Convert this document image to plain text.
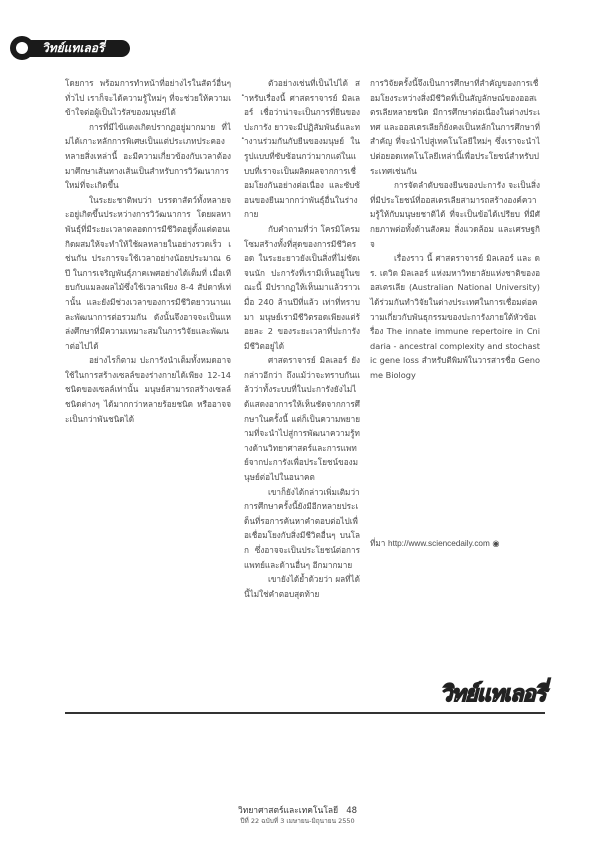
วิทย์แทเลอรี่

โดยการ พร้อมการทำหน้าที่อย่างไรในสัตว์อื่นๆ ทั่วไป เราก็จะได้ความรู้ใหม่ๆ ที่จะช่วยให้ความเข้าใจต่อผู้เป็นไวรัสของมนุษย์ได้

การที่มีไข้แดงเกิดปรากฏอยู่มากมาย ที่ไม่ได้เกาะหลักการพิเศษเป็นแต่ประเภทประคอง หลายสิ่งเหล่านี้ อะมีความเกี่ยวข้องกับเวลาต้องมาศึกษาเส้นทางเส้นเป็นสำหรับการวิวัฒนาการใหม่ที่จะเกิดขึ้น

ในระยะชาติพบว่า บรรดาสัตว์ทั้งหลายจะอยู่เกิดขึ้นประหว่างการวิวัฒนาการ โดยผลหาพันธุ์ที่มีระยะเวลาตลอดการมีชีวิตอยู่ตั้งแต่ตอนเกิดผสมให้จะทำให้ใช้ผลหลายในอย่างรวดเร็ว เช่นกัน ประการจะใช้เวลาอย่างน้อยประมาณ 6 ปี ในการเจริญพันธุ์ภาคเพศอย่างได้เต็มที่ เมื่อเทียบกับแมลงผลไม้ซึ่งใช้เวลาเพียง 8-4 สัปดาห์เท่านั้น และยังมีช่วงเวลาของการมีชีวิตยาวนานและพัฒนาการต่อรวมกัน ดังนั้นจึงอาจจะเป็นแหล่งศึกษาที่มีความเหมาะสมในการวิจัยและพัฒนาต่อไปได้

อย่างไรก็ตาม ปะการังนำเต็มทั้งหมดอาจใช้ในการสร้างเซลล์ของร่างกายได้เพียง 12-14 ชนิดของเซลล์เท่านั้น มนุษย์สามารถสร้างเซลล์ชนิดต่างๆ ได้มากกว่าหลายร้อยชนิด หรืออาจจะเป็นกว่าพันชนิดได้

ตัวอย่างเช่นที่เป็นไปได้ สำหรับเรื่องนี้ ศาสตราจารย์ มิลเลอร์ เชื่อว่าน่าจะเป็นการที่ยีนของปะการัง ยาวจะมีปฏิสัมพันธ์และทำงานร่วมกันกับยีนของมนุษย์ ในรูปแบบที่ซับซ้อนกว่ามากแต่ในแบบที่เราจะเป็นผลิตผลจากการเชื่อมโยงกันอย่างต่อเนื่อง และซับซ้อนของยีนมากกว่าพันธุ์อื่นในร่างกาย

กับคำถามที่ว่า โครมิโครมโซมสร้างทั้งที่สุดของการมีชีวิตรอด ในระยะยาวยังเป็นสิ่งที่ไม่ชัดเจนนัก ปะการังที่เรามีเห็นอยู่ในขณะนี้ มีปรากฏให้เห็นมาแล้วราวเมื่อ 240 ล้านปีที่แล้ว เท่าที่ทราบมา มนุษย์เรามีชีวิตรอดเพียงแต่ร้อยละ 2 ของระยะเวลาที่ปะการังมีชีวิตอยู่ได้

ศาสตราจารย์ มิลเลอร์ ยังกล่าวอีกว่า ถึงแม้ว่าจะทราบกันแล้วว่าทั้งระบบที่ในปะการังยังไม่ได้แสดงอาการให้เห็นชัดจากการศึกษาในครั้งนี้ แต่ก็เป็นความพยายามที่จะนำไปสู่การพัฒนาความรู้ทางด้านวิทยาศาสตร์และการแพทย์จากปะการังเพื่อประโยชน์ของมนุษย์ต่อไปในอนาคต

เขาก็ยังได้กล่าวเพิ่มเติมว่า การศึกษาครั้งนี้ยังมีอีกหลายประเด็นที่รอการค้นหาคำตอบต่อไปเพื่อเชื่อมโยงกับสิ่งมีชีวิตอื่นๆ บนโลก ซึ่งอาจจะเป็นประโยชน์ต่อการแพทย์และด้านอื่นๆ อีกมากมาย

เขายังได้ย้ำด้วยว่า ผลที่ได้นี้ไม่ใช่คำตอบสุดท้าย

การวิจัยครั้งนี้จึงเป็นการศึกษาที่สำคัญของการเชื่อมโยงระหว่างสิ่งมีชีวิตที่เป็นสัญลักษณ์ของออสเตรเลียหลายชนิด มีการศึกษาต่อเนื่องในต่างประเทศ และออสเตรเลียก็ยังคงเป็นหลักในการศึกษาที่สำคัญ ที่จะนำไปสู่เทคโนโลยีใหม่ๆ ซึ่งเราจะนำไปต่อยอดเทคโนโลยีเหล่านี้เพื่อประโยชน์สำหรับประเทศเช่นกัน

การจัดลำดับของยีนของปะการัง จะเป็นสิ่งที่มีประโยชน์ที่ออสเตรเลียสามารถสร้างองค์ความรู้ให้กับมนุษยชาติได้ ที่จะเป็นข้อได้เปรียบ ที่มีศักยภาพต่อทั้งด้านสังคม สิ่งแวดล้อม และเศรษฐกิจ

เรื่องราว นี้ ศาสตราจารย์ มิลเลอร์ และ ดร. เดวิด มิลเลอร์ แห่งมหาวิทยาลัยแห่งชาติของออสเตรเลีย (Australian National University) ได้ร่วมกันทำวิจัยในต่างประเทศในการเชื่อมต่อความเกี่ยวกับพันธุกรรมของปะการังภายใต้หัวข้อเรื่อง The innate immune repertoire in Cnidaria - ancestral complexity and stochastic gene loss สำหรับตีพิมพ์ในวารสารชื่อ Genome Biology

ที่มา http://www.sciencedaily.com ◉
วิทย์แทเลอรี่
วิทยาศาสตร์และเทคโนโลยี 48
ปีที่ 22 ฉบับที่ 3 เมษายน-มิถุนายน 2550
